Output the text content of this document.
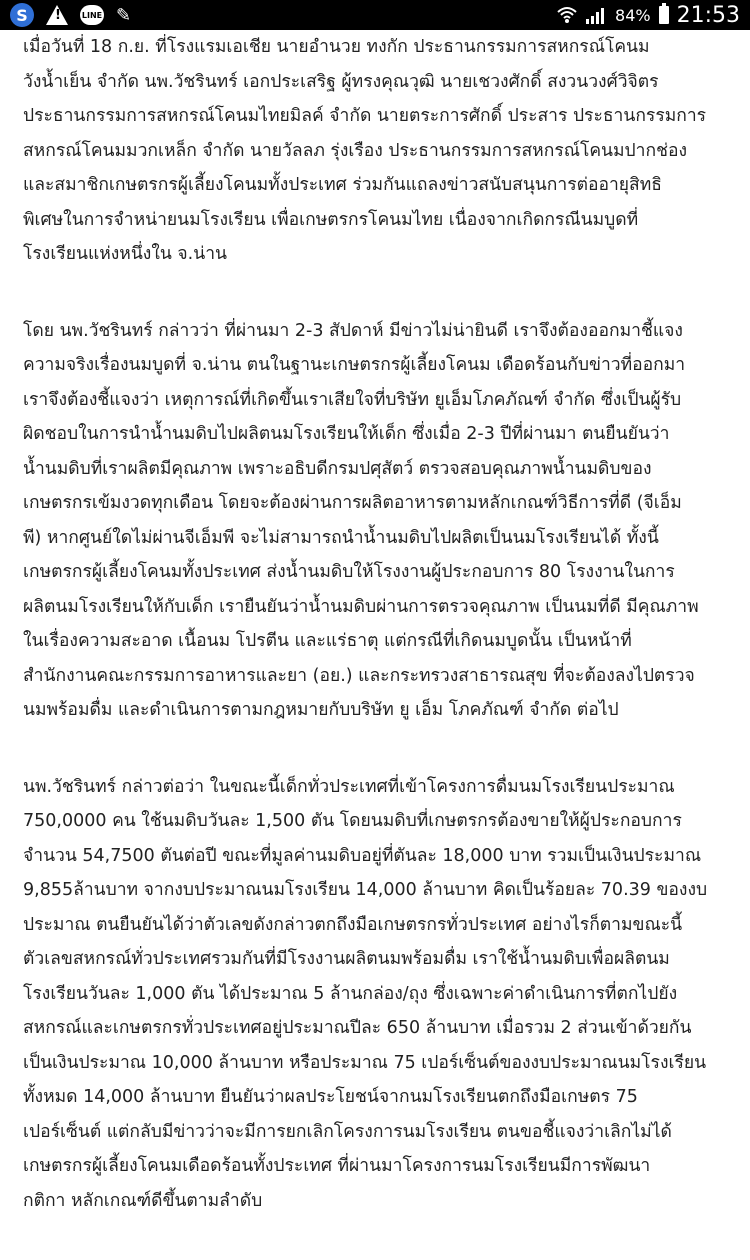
S
!	LINE ✎	84% 21:53
เมื่อวันที่ 18 ก.ย. ที่โรงแรมเอเชีย นายอำนวย ทงกัก ประธานกรรมการสหกรณ์โคนม
วังน้ำเย็น จำกัด นพ.วัชรินทร์ เอกประเสริฐ ผู้ทรงคุณวุฒิ นายเชวงศักดิ์ สงวนวงศ์วิจิตร
ประธานกรรมการสหกรณ์โคนมไทยมิลค์ จำกัด นายตระการศักดิ์ ประสาร ประธานกรรมการ
สหกรณ์โคนมมวกเหล็ก จำกัด นายวัลลภ รุ่งเรือง ประธานกรรมการสหกรณ์โคนมปากช่อง
และสมาชิกเกษตรกรผู้เลี้ยงโคนมทั้งประเทศ ร่วมกันแถลงข่าวสนับสนุนการต่ออายุสิทธิ
พิเศษในการจำหน่ายนมโรงเรียน เพื่อเกษตรกรโคนมไทย เนื่องจากเกิดกรณีนมบูดที่
โรงเรียนแห่งหนึ่งใน จ.น่าน
โดย นพ.วัชรินทร์ กล่าวว่า ที่ผ่านมา 2-3 สัปดาห์ มีข่าวไม่น่ายินดี เราจึงต้องออกมาชี้แจง
ความจริงเรื่องนมบูดที่ จ.น่าน ตนในฐานะเกษตรกรผู้เลี้ยงโคนม เดือดร้อนกับข่าวที่ออกมา
เราจึงต้องชี้แจงว่า เหตุการณ์ที่เกิดขึ้นเราเสียใจที่บริษัท ยูเอ็มโภคภัณฑ์ จำกัด ซึ่งเป็นผู้รับ
ผิดชอบในการนำน้ำนมดิบไปผลิตนมโรงเรียนให้เด็ก ซึ่งเมื่อ 2-3 ปีที่ผ่านมา ตนยืนยันว่า
น้ำนมดิบที่เราผลิตมีคุณภาพ เพราะอธิบดีกรมปศุสัตว์ ตรวจสอบคุณภาพน้ำนมดิบของ
เกษตรกรเข้มงวดทุกเดือน โดยจะต้องผ่านการผลิตอาหารตามหลักเกณฑ์วิธีการที่ดี (จีเอ็ม
พี) หากศูนย์ใดไม่ผ่านจีเอ็มพี จะไม่สามารถนำน้ำนมดิบไปผลิตเป็นนมโรงเรียนได้ ทั้งนี้
เกษตรกรผู้เลี้ยงโคนมทั้งประเทศ ส่งน้ำนมดิบให้โรงงานผู้ประกอบการ 80 โรงงานในการ
ผลิตนมโรงเรียนให้กับเด็ก เรายืนยันว่าน้ำนมดิบผ่านการตรวจคุณภาพ เป็นนมที่ดี มีคุณภาพ
ในเรื่องความสะอาด เนื้อนม โปรตีน และแร่ธาตุ แต่กรณีที่เกิดนมบูดนั้น เป็นหน้าที่
สำนักงานคณะกรรมการอาหารและยา (อย.) และกระทรวงสาธารณสุข ที่จะต้องลงไปตรวจ
นมพร้อมดื่ม และดำเนินการตามกฎหมายกับบริษัท ยู เอ็ม โภคภัณฑ์ จำกัด ต่อไป
นพ.วัชรินทร์ กล่าวต่อว่า ในขณะนี้เด็กทั่วประเทศที่เข้าโครงการดื่มนมโรงเรียนประมาณ
750,0000 คน ใช้นมดิบวันละ 1,500 ตัน โดยนมดิบที่เกษตรกรต้องขายให้ผู้ประกอบการ
จำนวน 54,7500 ตันต่อปี ขณะที่มูลค่านมดิบอยู่ที่ตันละ 18,000 บาท รวมเป็นเงินประมาณ
9,855ล้านบาท จากงบประมาณนมโรงเรียน 14,000 ล้านบาท คิดเป็นร้อยละ 70.39 ของงบ
ประมาณ ตนยืนยันได้ว่าตัวเลขดังกล่าวตกถึงมือเกษตรกรทั่วประเทศ อย่างไรก็ตามขณะนี้
ตัวเลขสหกรณ์ทั่วประเทศรวมกันที่มีโรงงานผลิตนมพร้อมดื่ม เราใช้น้ำนมดิบเพื่อผลิตนม
โรงเรียนวันละ 1,000 ตัน ได้ประมาณ 5 ล้านกล่อง/ถุง ซึ่งเฉพาะค่าดำเนินการที่ตกไปยัง
สหกรณ์และเกษตรกรทั่วประเทศอยู่ประมาณปีละ 650 ล้านบาท เมื่อรวม 2 ส่วนเข้าด้วยกัน
เป็นเงินประมาณ 10,000 ล้านบาท หรือประมาณ 75 เปอร์เซ็นต์ของงบประมาณนมโรงเรียน
ทั้งหมด 14,000 ล้านบาท ยืนยันว่าผลประโยชน์จากนมโรงเรียนตกถึงมือเกษตร 75
เปอร์เซ็นต์ แต่กลับมีข่าวว่าจะมีการยกเลิกโครงการนมโรงเรียน ตนขอชี้แจงว่าเลิกไม่ได้
เกษตรกรผู้เลี้ยงโคนมเดือดร้อนทั้งประเทศ ที่ผ่านมาโครงการนมโรงเรียนมีการพัฒนา
กติกา หลักเกณฑ์ดีขึ้นตามลำดับ
